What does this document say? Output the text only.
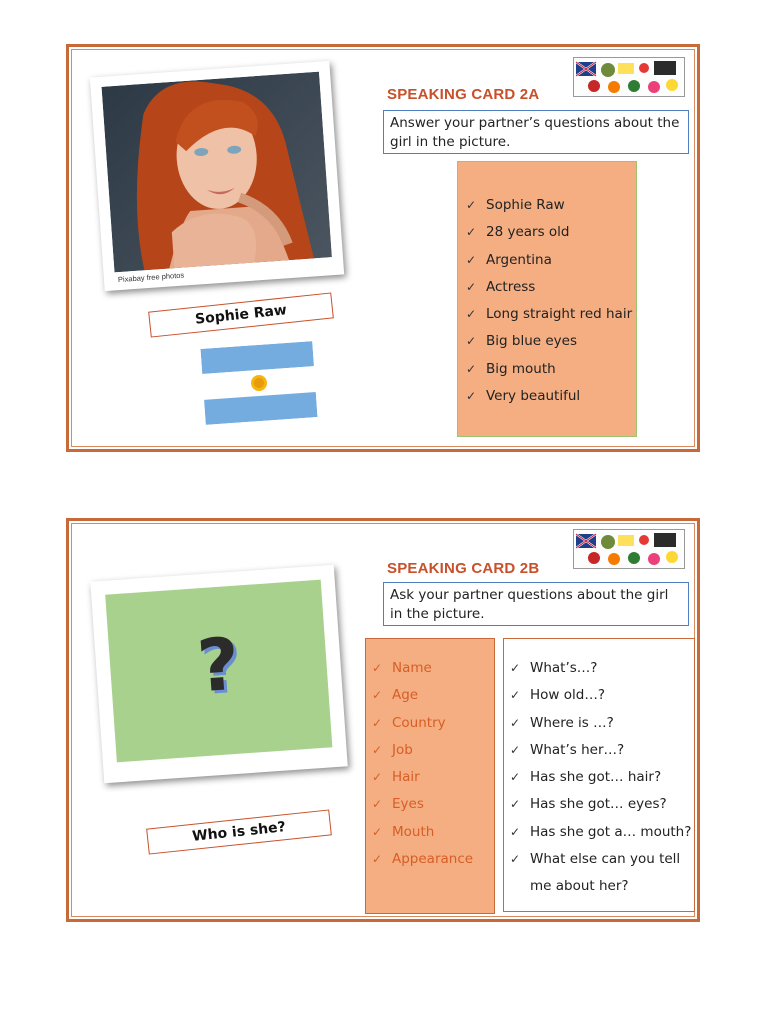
Pixabay free photos
Sophie Raw
SPEAKING CARD 2A
Answer your partner’s questions about the girl in the picture.
✓ Sophie Raw
✓ 28 years old
✓ Argentina
✓ Actress
✓ Long straight red hair
✓ Big blue eyes
✓ Big mouth
✓ Very beautiful
?
Who is she?
SPEAKING CARD 2B
Ask your partner questions about the girl in the picture.
✓ Name
✓ Age
✓ Country
✓ Job
✓ Hair
✓ Eyes
✓ Mouth
✓ Appearance
✓ What’s…?
✓ How old…?
✓ Where is …?
✓ What’s her…?
✓ Has she got… hair?
✓ Has she got… eyes?
✓ Has she got a… mouth?
✓ What else can you tell
me about her?
